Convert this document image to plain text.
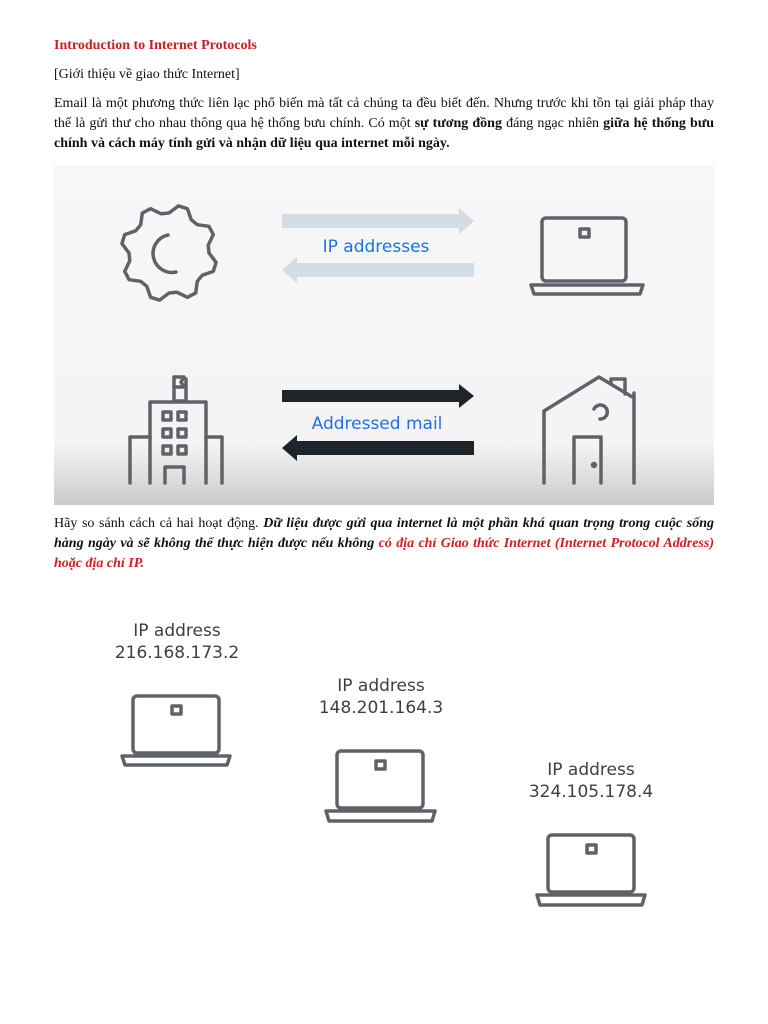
Introduction to Internet Protocols

[Giới thiệu về giao thức Internet]

Email là một phương thức liên lạc phổ biến mà tất cả chúng ta đều biết đến. Nhưng trước khi tồn tại giải pháp thay thế là gửi thư cho nhau thông qua hệ thống bưu chính. Có một sự tương đồng đáng ngạc nhiên giữa hệ thống bưu chính và cách máy tính gửi và nhận dữ liệu qua internet mỗi ngày.

IP addresses
Addressed mail

Hãy so sánh cách cả hai hoạt động. Dữ liệu được gửi qua internet là một phần khá quan trọng trong cuộc sống hàng ngày và sẽ không thể thực hiện được nếu không có địa chỉ Giao thức Internet (Internet Protocol Address) hoặc địa chỉ IP.

IP address
216.168.173.2
IP address
148.201.164.3
IP address
324.105.178.4
